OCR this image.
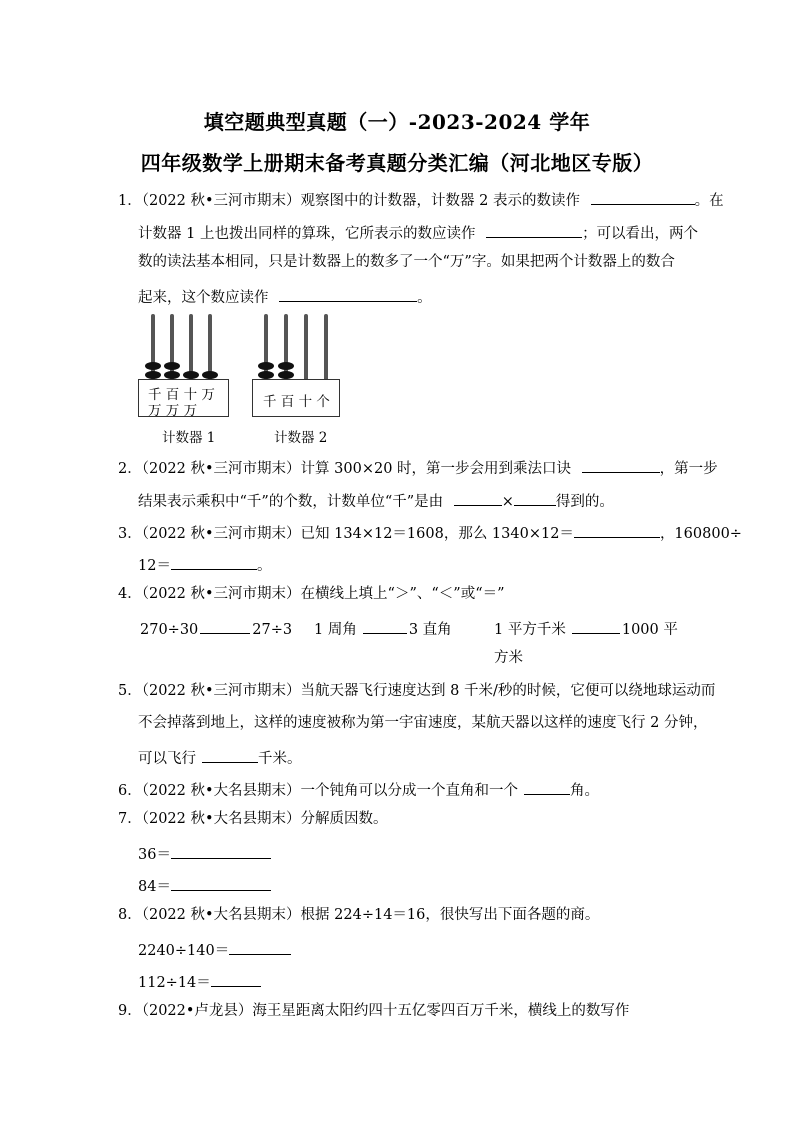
填空题典型真题（一）-2023-2024 学年
四年级数学上册期末备考真题分类汇编（河北地区专版）
1．（2022 秋•三河市期末）观察图中的计数器，计数器 2 表示的数读作	。在
计数器 1 上也拨出同样的算珠，它所表示的数应读作	；可以看出，两个
数的读法基本相同，只是计数器上的数多了一个“万”字。如果把两个计数器上的数合
起来，这个数应读作	。
千 百 十 万
万 万 万
计数器 1
千 百 十 个
计数器 2
2．（2022 秋•三河市期末）计算 300×20 时，第一步会用到乘法口诀	，第一步
结果表示乘积中“千”的个数，计数单位“千”是由	×	得到的。
3．（2022 秋•三河市期末）已知 134×12＝1608，那么 1340×12＝	，160800÷
12＝	。
4．（2022 秋•三河市期末）在横线上填上“＞”、“＜”或“＝”
270÷30	27÷3 1 周角	3 直角	1 平方千米	1000 平
方米
5．（2022 秋•三河市期末）当航天器飞行速度达到 8 千米/秒的时候，它便可以绕地球运动而
不会掉落到地上，这样的速度被称为第一宇宙速度，某航天器以这样的速度飞行 2 分钟，
可以飞行	千米。
6．（2022 秋•大名县期末）一个钝角可以分成一个直角和一个	角。
7．（2022 秋•大名县期末）分解质因数。
36＝
84＝
8．（2022 秋•大名县期末）根据 224÷14＝16，很快写出下面各题的商。
2240÷140＝
112÷14＝
9．（2022•卢龙县）海王星距离太阳约四十五亿零四百万千米，横线上的数写作
